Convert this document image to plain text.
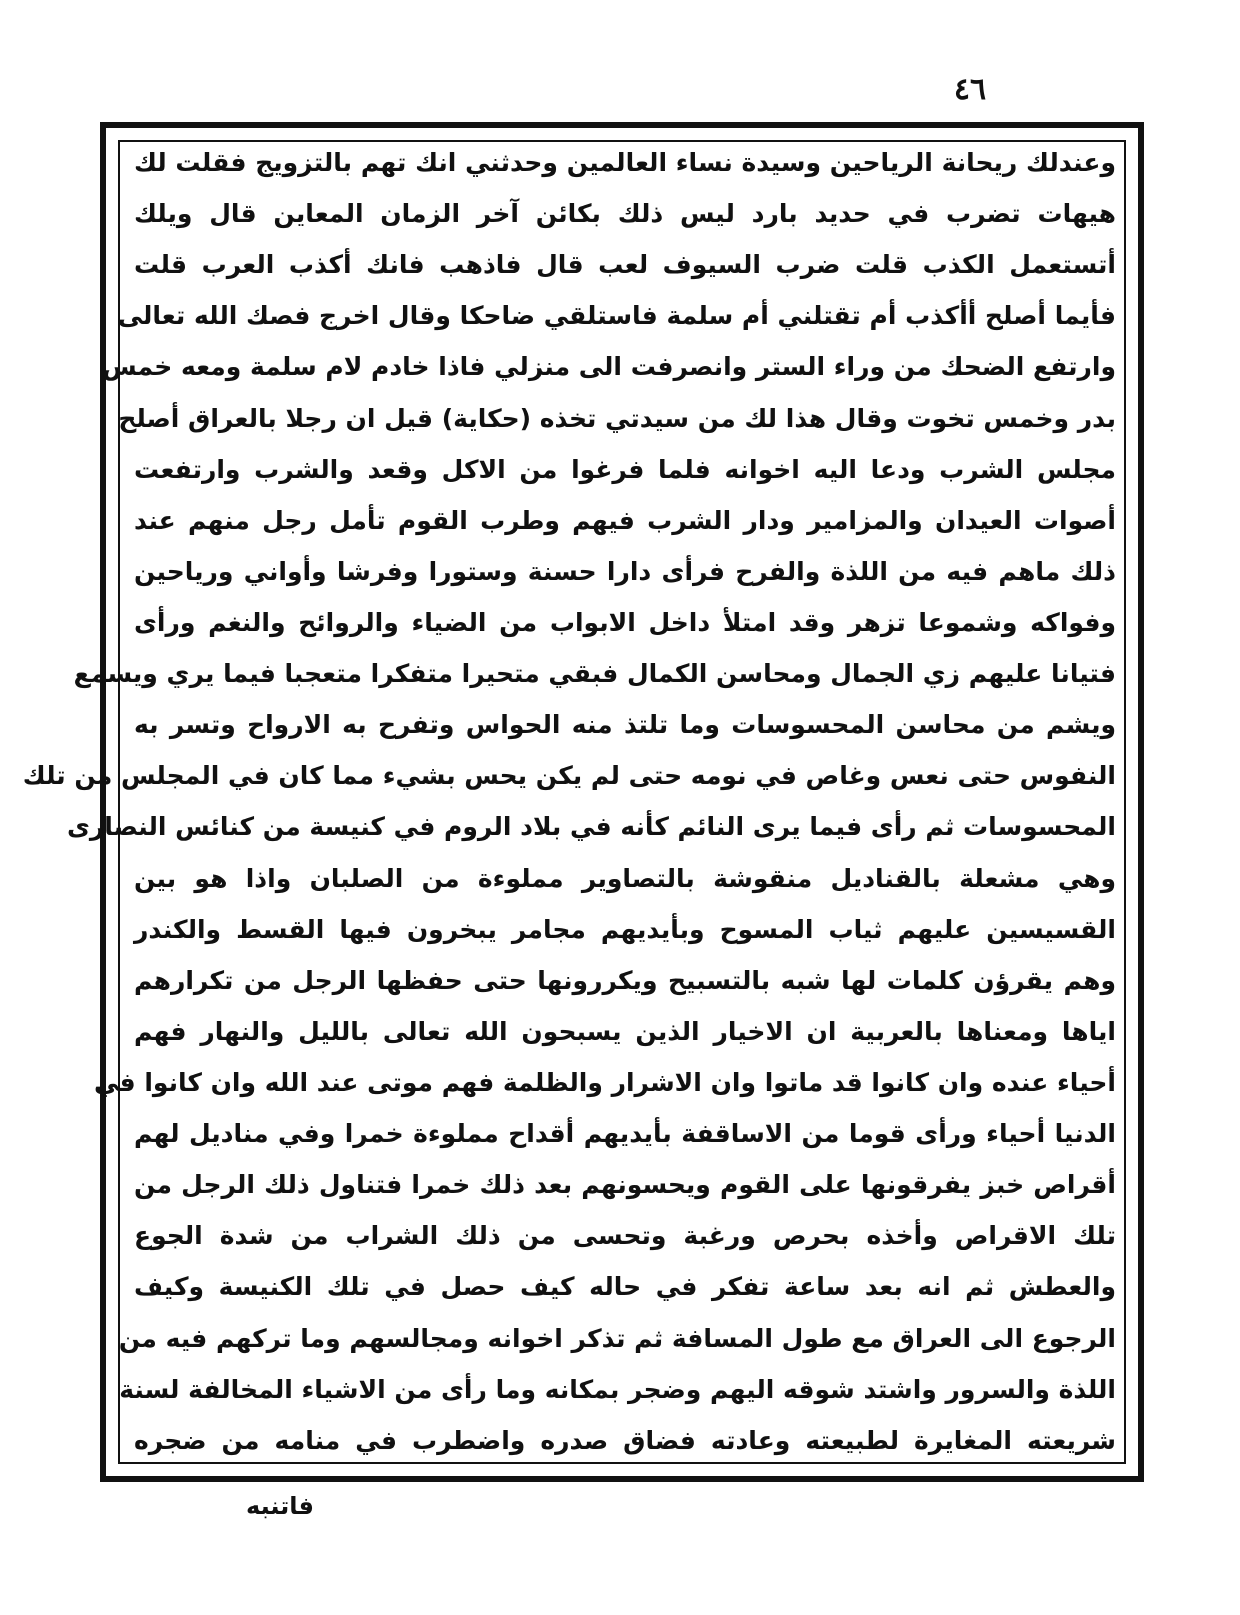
٤٦
وعندلك ريحانة الرياحين وسيدة نساء العالمين وحدثني انك تهم بالتزويج فقلت لك
هيهات تضرب في حديد بارد ليس ذلك بكائن آخر الزمان المعاين قال ويلك
أتستعمل الكذب قلت ضرب السيوف لعب قال فاذهب فانك أكذب العرب قلت
فأيما أصلح أأكذب أم تقتلني أم سلمة فاستلقي ضاحكا وقال اخرج فصك الله تعالى
وارتفع الضحك من وراء الستر وانصرفت الى منزلي فاذا خادم لام سلمة ومعه خمس
بدر وخمس تخوت وقال هذا لك من سيدتي تخذه (حكاية) قيل ان رجلا بالعراق أصلح
مجلس الشرب ودعا اليه اخوانه فلما فرغوا من الاكل وقعد والشرب وارتفعت
أصوات العيدان والمزامير ودار الشرب فيهم وطرب القوم تأمل رجل منهم عند
ذلك ماهم فيه من اللذة والفرح فرأى دارا حسنة وستورا وفرشا وأواني ورياحين
وفواكه وشموعا تزهر وقد امتلأ داخل الابواب من الضياء والروائح والنغم ورأى
فتيانا عليهم زي الجمال ومحاسن الكمال فبقي متحيرا متفكرا متعجبا فيما يري ويسمع
ويشم من محاسن المحسوسات وما تلتذ منه الحواس وتفرح به الارواح وتسر به
النفوس حتى نعس وغاص في نومه حتى لم يكن يحس بشيء مما كان في المجلس من تلك
المحسوسات ثم رأى فيما يرى النائم كأنه في بلاد الروم في كنيسة من كنائس النصارى
وهي مشعلة بالقناديل منقوشة بالتصاوير مملوءة من الصلبان واذا هو بين
القسيسين عليهم ثياب المسوح وبأيديهم مجامر يبخرون فيها القسط والكندر
وهم يقرؤن كلمات لها شبه بالتسبيح ويكررونها حتى حفظها الرجل من تكرارهم
اياها ومعناها بالعربية ان الاخيار الذين يسبحون الله تعالى بالليل والنهار فهم
أحياء عنده وان كانوا قد ماتوا وان الاشرار والظلمة فهم موتى عند الله وان كانوا في
الدنيا أحياء ورأى قوما من الاساقفة بأيديهم أقداح مملوءة خمرا وفي مناديل لهم
أقراص خبز يفرقونها على القوم ويحسونهم بعد ذلك خمرا فتناول ذلك الرجل من
تلك الاقراص وأخذه بحرص ورغبة وتحسى من ذلك الشراب من شدة الجوع
والعطش ثم انه بعد ساعة تفكر في حاله كيف حصل في تلك الكنيسة وكيف
الرجوع الى العراق مع طول المسافة ثم تذكر اخوانه ومجالسهم وما تركهم فيه من
اللذة والسرور واشتد شوقه اليهم وضجر بمكانه وما رأى من الاشياء المخالفة لسنة
شريعته المغايرة لطبيعته وعادته فضاق صدره واضطرب في منامه من ضجره
فاتنبه
